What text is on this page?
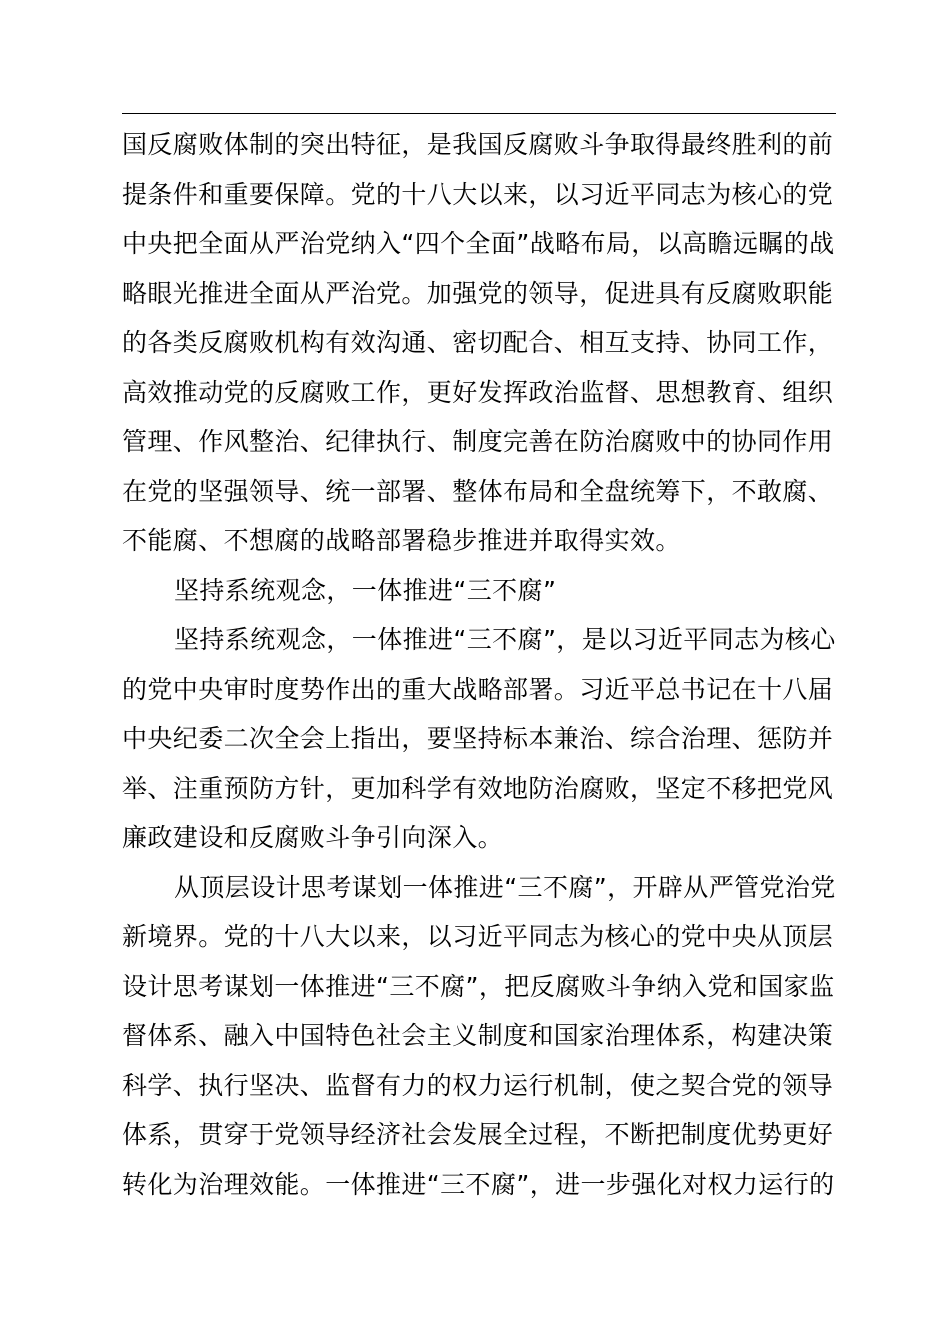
国反腐败体制的突出特征，是我国反腐败斗争取得最终胜利的前
提条件和重要保障。党的十八大以来，以习近平同志为核心的党
中央把全面从严治党纳入“四个全面”战略布局，以高瞻远瞩的战
略眼光推进全面从严治党。加强党的领导，促进具有反腐败职能
的各类反腐败机构有效沟通、密切配合、相互支持、协同工作，
高效推动党的反腐败工作，更好发挥政治监督、思想教育、组织
管理、作风整治、纪律执行、制度完善在防治腐败中的协同作用
在党的坚强领导、统一部署、整体布局和全盘统筹下，不敢腐、
不能腐、不想腐的战略部署稳步推进并取得实效。
坚持系统观念，一体推进“三不腐”
坚持系统观念，一体推进“三不腐”，是以习近平同志为核心
的党中央审时度势作出的重大战略部署。习近平总书记在十八届
中央纪委二次全会上指出，要坚持标本兼治、综合治理、惩防并
举、注重预防方针，更加科学有效地防治腐败，坚定不移把党风
廉政建设和反腐败斗争引向深入。
从顶层设计思考谋划一体推进“三不腐”，开辟从严管党治党
新境界。党的十八大以来，以习近平同志为核心的党中央从顶层
设计思考谋划一体推进“三不腐”，把反腐败斗争纳入党和国家监
督体系、融入中国特色社会主义制度和国家治理体系，构建决策
科学、执行坚决、监督有力的权力运行机制，使之契合党的领导
体系，贯穿于党领导经济社会发展全过程，不断把制度优势更好
转化为治理效能。一体推进“三不腐”，进一步强化对权力运行的
